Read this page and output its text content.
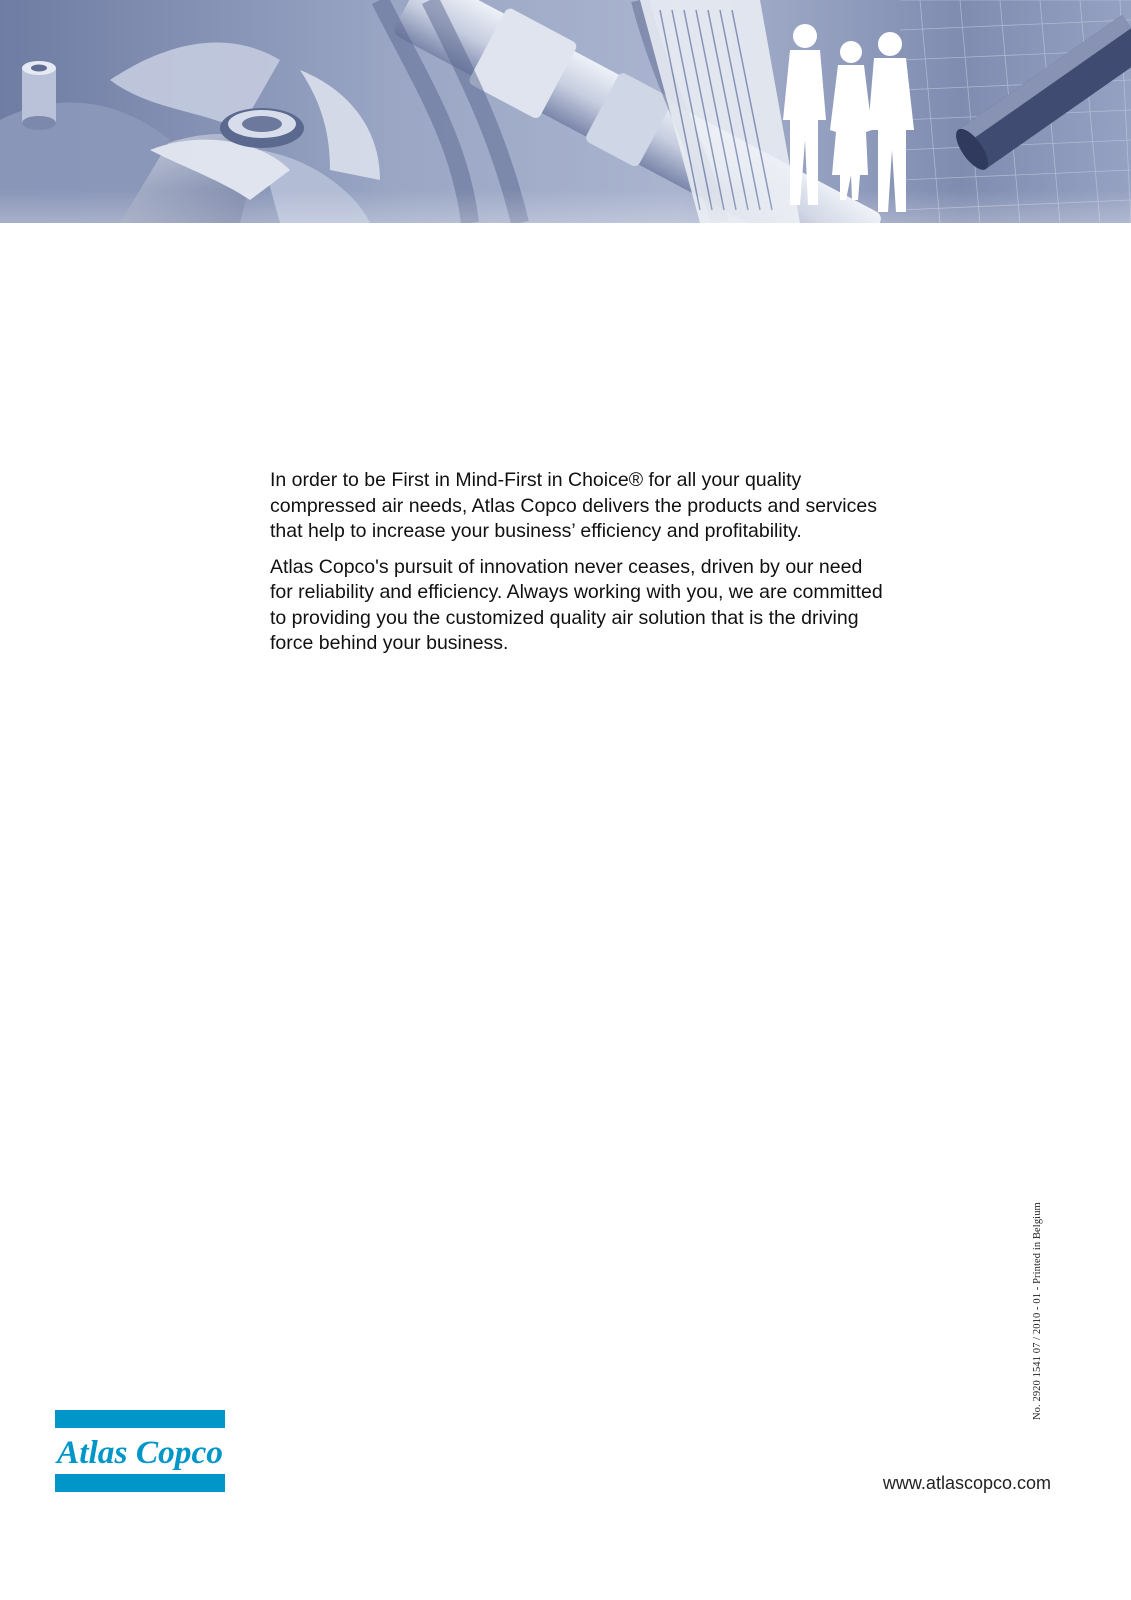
In order to be First in Mind-First in Choice® for all your quality compressed air needs, Atlas Copco delivers the products and services that help to increase your business’ efficiency and profitability.

Atlas Copco's pursuit of innovation never ceases, driven by our need for reliability and efficiency. Always working with you, we are committed to providing you the customized quality air solution that is the driving force behind your business.

No. 2920 1541 07 / 2010 - 01 - Printed in Belgium
Atlas Copco
www.atlascopco.com
